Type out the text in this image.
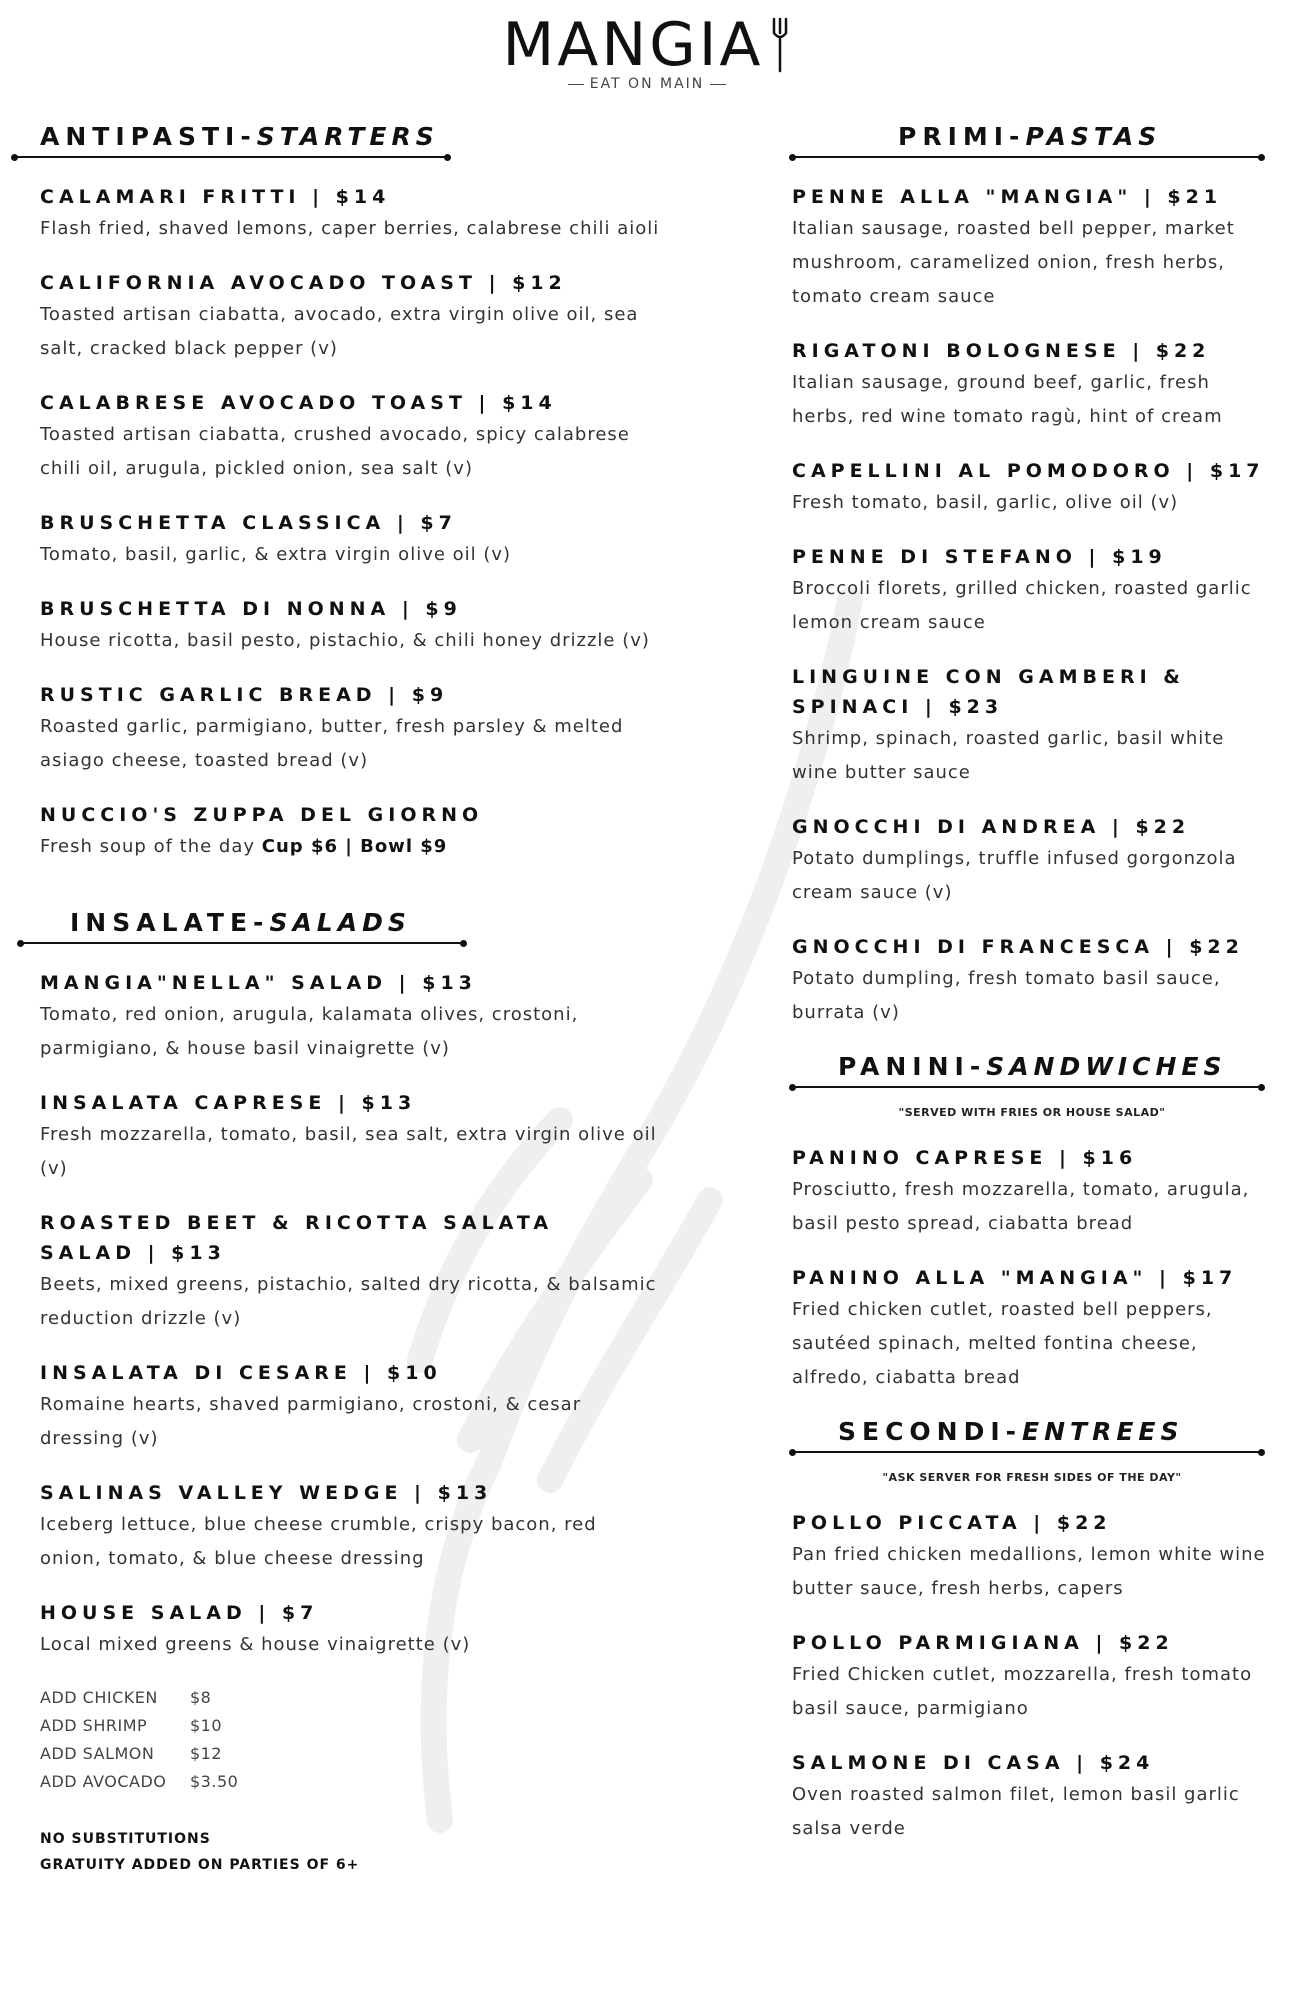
MANGIA
EAT ON MAIN
ANTIPASTI-STARTERS
CALAMARI FRITTI | $14
Flash fried, shaved lemons, caper berries, calabrese chili aioli
CALIFORNIA AVOCADO TOAST | $12
Toasted artisan ciabatta, avocado, extra virgin olive oil, sea salt, cracked black pepper (v)
CALABRESE AVOCADO TOAST | $14
Toasted artisan ciabatta, crushed avocado, spicy calabrese chili oil, arugula, pickled onion, sea salt (v)
BRUSCHETTA CLASSICA | $7
Tomato, basil, garlic, & extra virgin olive oil (v)
BRUSCHETTA DI NONNA | $9
House ricotta, basil pesto, pistachio, & chili honey drizzle (v)
RUSTIC GARLIC BREAD | $9
Roasted garlic, parmigiano, butter, fresh parsley & melted asiago cheese, toasted bread (v)
NUCCIO'S ZUPPA DEL GIORNO
Fresh soup of the day Cup $6 | Bowl $9
INSALATE-SALADS
MANGIA"NELLA" SALAD | $13
Tomato, red onion, arugula, kalamata olives, crostoni, parmigiano, & house basil vinaigrette (v)
INSALATA CAPRESE | $13
Fresh mozzarella, tomato, basil, sea salt, extra virgin olive oil (v)
ROASTED BEET & RICOTTA SALATA SALAD | $13
Beets, mixed greens, pistachio, salted dry ricotta, & balsamic reduction drizzle (v)
INSALATA DI CESARE | $10
Romaine hearts, shaved parmigiano, crostoni, & cesar dressing (v)
SALINAS VALLEY WEDGE | $13
Iceberg lettuce, blue cheese crumble, crispy bacon, red onion, tomato, & blue cheese dressing
HOUSE SALAD | $7
Local mixed greens & house vinaigrette (v)
ADD CHICKEN	$8
ADD SHRIMP	$10
ADD SALMON	$12
ADD AVOCADO	$3.50
NO SUBSTITUTIONS
GRATUITY ADDED ON PARTIES OF 6+
PRIMI-PASTAS
PENNE ALLA "MANGIA" | $21
Italian sausage, roasted bell pepper, market mushroom, caramelized onion, fresh herbs, tomato cream sauce
RIGATONI BOLOGNESE | $22
Italian sausage, ground beef, garlic, fresh herbs, red wine tomato ragù, hint of cream
CAPELLINI AL POMODORO | $17
Fresh tomato, basil, garlic, olive oil (v)
PENNE DI STEFANO | $19
Broccoli florets, grilled chicken, roasted garlic lemon cream sauce
LINGUINE CON GAMBERI & SPINACI | $23
Shrimp, spinach, roasted garlic, basil white wine butter sauce
GNOCCHI DI ANDREA | $22
Potato dumplings, truffle infused gorgonzola cream sauce (v)
GNOCCHI DI FRANCESCA | $22
Potato dumpling, fresh tomato basil sauce, burrata (v)
PANINI-SANDWICHES
"SERVED WITH FRIES OR HOUSE SALAD"
PANINO CAPRESE | $16
Prosciutto, fresh mozzarella, tomato, arugula, basil pesto spread, ciabatta bread
PANINO ALLA "MANGIA" | $17
Fried chicken cutlet, roasted bell peppers, sautéed spinach, melted fontina cheese, alfredo, ciabatta bread
SECONDI-ENTREES
"ASK SERVER FOR FRESH SIDES OF THE DAY"
POLLO PICCATA | $22
Pan fried chicken medallions, lemon white wine butter sauce, fresh herbs, capers
POLLO PARMIGIANA | $22
Fried Chicken cutlet, mozzarella, fresh tomato basil sauce, parmigiano
SALMONE DI CASA | $24
Oven roasted salmon filet, lemon basil garlic salsa verde
